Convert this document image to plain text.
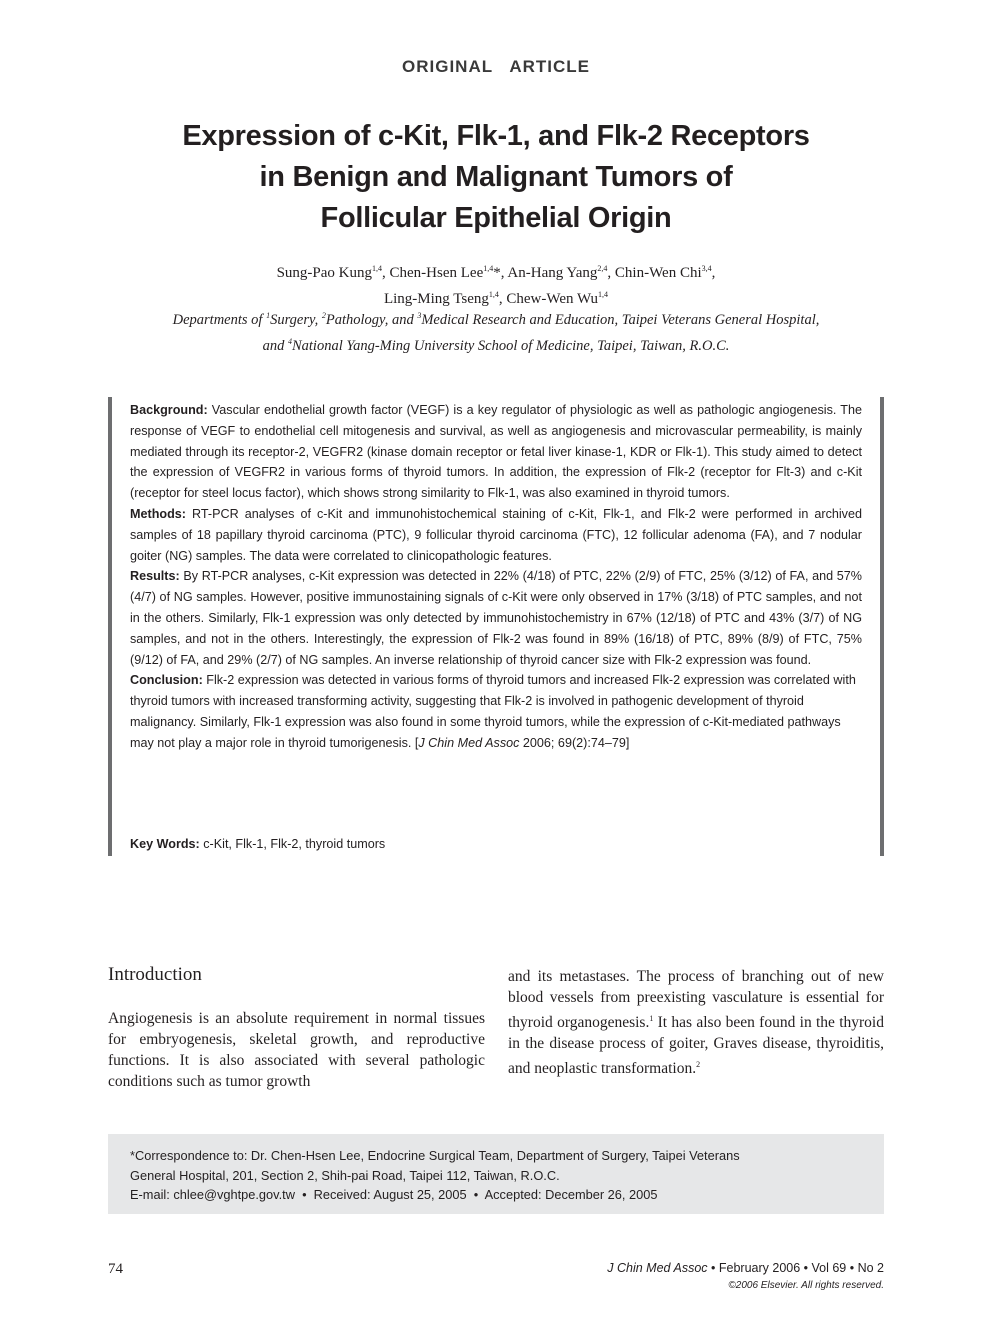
ORIGINAL   ARTICLE
Expression of c-Kit, Flk-1, and Flk-2 Receptors
in Benign and Malignant Tumors of
Follicular Epithelial Origin
Sung-Pao Kung$^{1,4}$, Chen-Hsen Lee$^{1,4}$*, An-Hang Yang$^{2,4}$, Chin-Wen Chi$^{3,4}$,
Ling-Ming Tseng$^{1,4}$, Chew-Wen Wu$^{1,4}$
Departments of $^1$Surgery, $^2$Pathology, and $^3$Medical Research and Education, Taipei Veterans General Hospital,
and $^4$National Yang-Ming University School of Medicine, Taipei, Taiwan, R.O.C.

Background: Vascular endothelial growth factor (VEGF) is a key regulator of physiologic as well as pathologic angiogenesis. The response of VEGF to endothelial cell mitogenesis and survival, as well as angiogenesis and microvascular permeability, is mainly mediated through its receptor-2, VEGFR2 (kinase domain receptor or fetal liver kinase-1, KDR or Flk-1). This study aimed to detect the expression of VEGFR2 in various forms of thyroid tumors. In addition, the expression of Flk-2 (receptor for Flt-3) and c-Kit (receptor for steel locus factor), which shows strong similarity to Flk-1, was also examined in thyroid tumors.

Methods: RT-PCR analyses of c-Kit and immunohistochemical staining of c-Kit, Flk-1, and Flk-2 were performed in archived samples of 18 papillary thyroid carcinoma (PTC), 9 follicular thyroid carcinoma (FTC), 12 follicular adenoma (FA), and 7 nodular goiter (NG) samples. The data were correlated to clinicopathologic features.

Results: By RT-PCR analyses, c-Kit expression was detected in 22% (4/18) of PTC, 22% (2/9) of FTC, 25% (3/12) of FA, and 57% (4/7) of NG samples. However, positive immunostaining signals of c-Kit were only observed in 17% (3/18) of PTC samples, and not in the others. Similarly, Flk-1 expression was only detected by immunohistochemistry in 67% (12/18) of PTC and 43% (3/7) of NG samples, and not in the others. Interestingly, the expression of Flk-2 was found in 89% (16/18) of PTC, 89% (8/9) of FTC, 75% (9/12) of FA, and 29% (2/7) of NG samples. An inverse relationship of thyroid cancer size with Flk-2 expression was found.

Conclusion: Flk-2 expression was detected in various forms of thyroid tumors and increased Flk-2 expression was correlated with thyroid tumors with increased transforming activity, suggesting that Flk-2 is involved in pathogenic development of thyroid malignancy. Similarly, Flk-1 expression was also found in some thyroid tumors, while the expression of c-Kit-mediated pathways may not play a major role in thyroid tumorigenesis. [J Chin Med Assoc 2006; 69(2):74–79]

Key Words: c-Kit, Flk-1, Flk-2, thyroid tumors
Introduction

Angiogenesis is an absolute requirement in normal tissues for embryogenesis, skeletal growth, and reproductive functions. It is also associated with several pathologic conditions such as tumor growth

and its metastases. The process of branching out of new blood vessels from preexisting vasculature is essential for thyroid organogenesis.$^1$ It has also been found in the thyroid in the disease process of goiter, Graves disease, thyroiditis, and neoplastic transformation.$^2$

*Correspondence to: Dr. Chen-Hsen Lee, Endocrine Surgical Team, Department of Surgery, Taipei Veterans
General Hospital, 201, Section 2, Shih-pai Road, Taipei 112, Taiwan, R.O.C.
E-mail: chlee@vghtpe.gov.tw  •  Received: August 25, 2005  •  Accepted: December 26, 2005
74	J Chin Med Assoc • February 2006 • Vol 69 • No 2
©2006 Elsevier. All rights reserved.
